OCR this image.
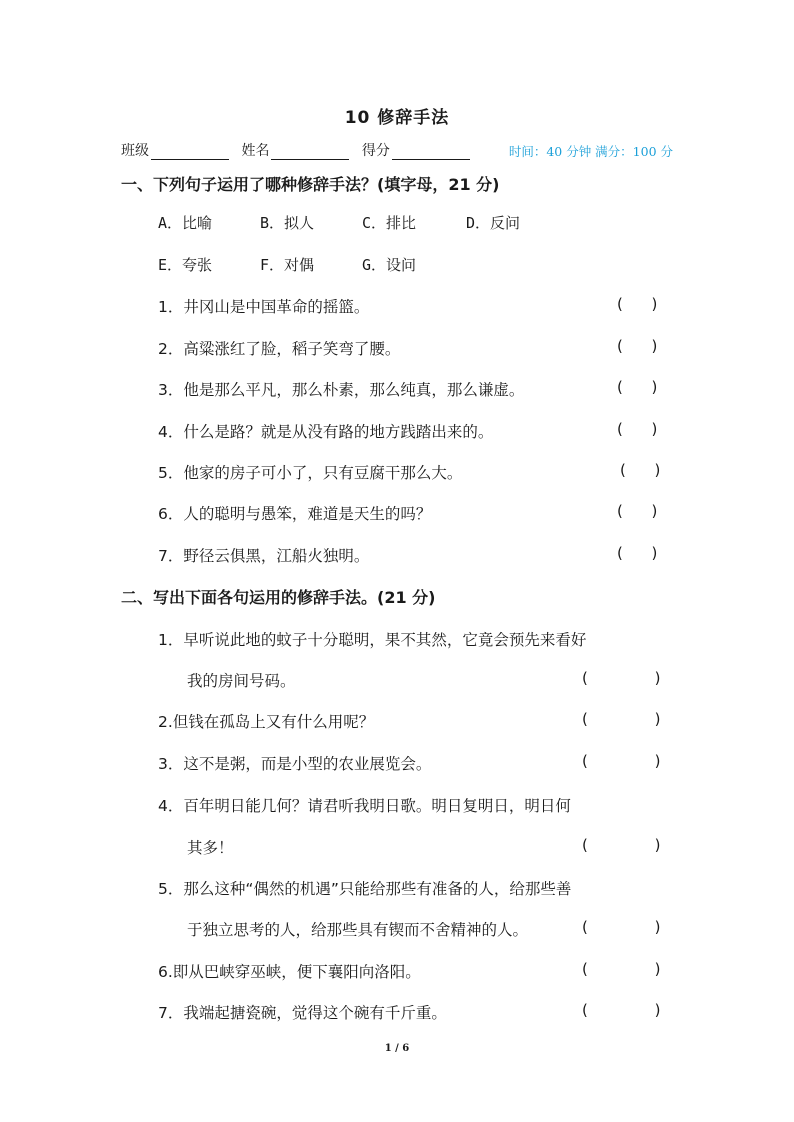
10 修辞手法
班级	姓名	得分	时间：40 分钟 满分：100 分
一、下列句子运用了哪种修辞手法？(填字母，21 分)
A．比喻	B．拟人	C．排比	D．反问
E．夸张	F．对偶	G．设问
1．井冈山是中国革命的摇篮。	(      )
2．高粱涨红了脸，稻子笑弯了腰。	(      )
3．他是那么平凡，那么朴素，那么纯真，那么谦虚。	(      )
4．什么是路？就是从没有路的地方践踏出来的。	(      )
5．他家的房子可小了，只有豆腐干那么大。	(      )
6．人的聪明与愚笨，难道是天生的吗？	(      )
7．野径云俱黑，江船火独明。	(      )
二、写出下面各句运用的修辞手法。(21 分)
1．早听说此地的蚊子十分聪明，果不其然，它竟会预先来看好
我的房间号码。	(              )
2.但钱在孤岛上又有什么用呢？	(              )
3．这不是粥，而是小型的农业展览会。	(              )
4．百年明日能几何？请君听我明日歌。明日复明日，明日何
其多！	(              )
5．那么这种“偶然的机遇”只能给那些有准备的人，给那些善
于独立思考的人，给那些具有锲而不舍精神的人。	(              )
6.即从巴峡穿巫峡，便下襄阳向洛阳。	(              )
7．我端起搪瓷碗，觉得这个碗有千斤重。	(              )
1 / 6
